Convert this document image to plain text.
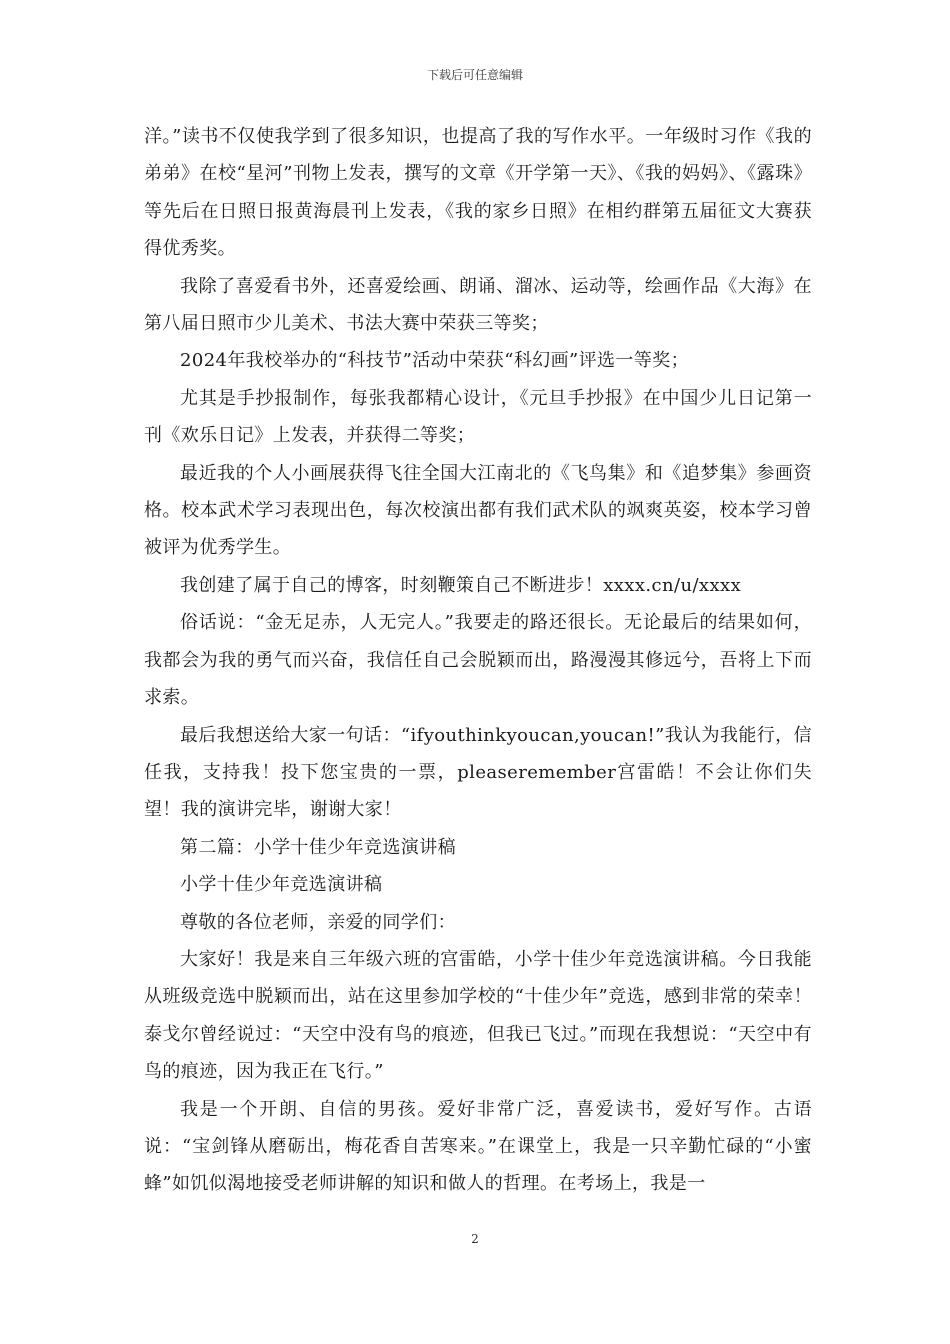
下载后可任意编辑

洋。”读书不仅使我学到了很多知识，也提高了我的写作水平。一年级时习作《我的弟弟》在校“星河”刊物上发表，撰写的文章《开学第一天》、《我的妈妈》、《露珠》等先后在日照日报黄海晨刊上发表，《我的家乡日照》在相约群第五届征文大赛获得优秀奖。

我除了喜爱看书外，还喜爱绘画、朗诵、溜冰、运动等，绘画作品《大海》在第八届日照市少儿美术、书法大赛中荣获三等奖；

2024年我校举办的“科技节”活动中荣获“科幻画”评选一等奖；

尤其是手抄报制作，每张我都精心设计，《元旦手抄报》在中国少儿日记第一刊《欢乐日记》上发表，并获得二等奖；

最近我的个人小画展获得飞往全国大江南北的《飞鸟集》和《追梦集》参画资格。校本武术学习表现出色，每次校演出都有我们武术队的飒爽英姿，校本学习曾被评为优秀学生。

我创建了属于自己的博客，时刻鞭策自己不断进步！xxxx.cn/u/xxxx

俗话说：“金无足赤，人无完人。”我要走的路还很长。无论最后的结果如何，我都会为我的勇气而兴奋，我信任自己会脱颖而出，路漫漫其修远兮，吾将上下而求索。

最后我想送给大家一句话：“ifyouthinkyoucan,youcan!”我认为我能行，信任我，支持我！投下您宝贵的一票，pleaseremember宫雷皓！不会让你们失望！我的演讲完毕，谢谢大家！

第二篇：小学十佳少年竞选演讲稿

小学十佳少年竞选演讲稿

尊敬的各位老师，亲爱的同学们：

大家好！我是来自三年级六班的宫雷皓，小学十佳少年竞选演讲稿。今日我能从班级竞选中脱颖而出，站在这里参加学校的“十佳少年”竞选，感到非常的荣幸！泰戈尔曾经说过：“天空中没有鸟的痕迹，但我已飞过。”而现在我想说：“天空中有鸟的痕迹，因为我正在飞行。”

我是一个开朗、自信的男孩。爱好非常广泛，喜爱读书，爱好写作。古语说：“宝剑锋从磨砺出，梅花香自苦寒来。”在课堂上，我是一只辛勤忙碌的“小蜜蜂”如饥似渴地接受老师讲解的知识和做人的哲理。在考场上，我是一

2
